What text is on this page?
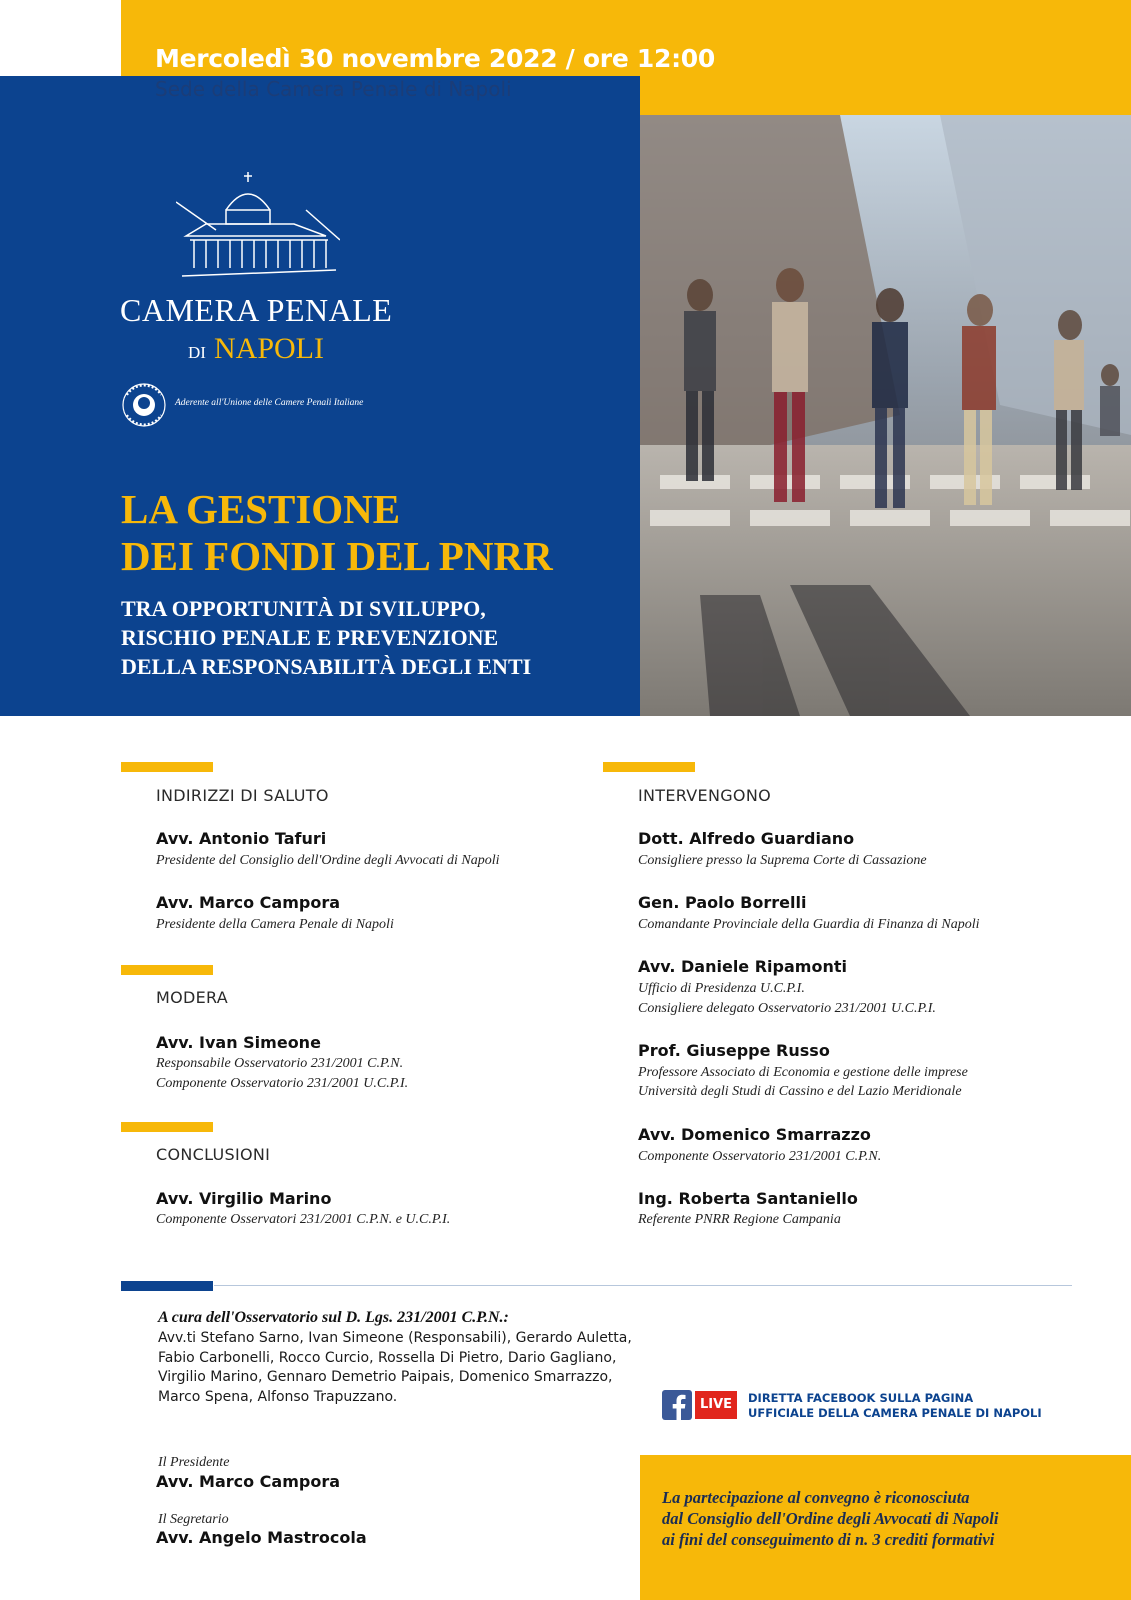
Mercoledì 30 novembre 2022 / ore 12:00
Sede della Camera Penale di Napoli
CAMERA PENALE
DI NAPOLI
Aderente all'Unione delle Camere Penali Italiane
LA GESTIONE
DEI FONDI DEL PNRR
TRA OPPORTUNITÀ DI SVILUPPO,
RISCHIO PENALE E PREVENZIONE
DELLA RESPONSABILITÀ DEGLI ENTI
INDIRIZZI DI SALUTO
Avv. Antonio Tafuri
Presidente del Consiglio dell'Ordine degli Avvocati di Napoli
Avv. Marco Campora
Presidente della Camera Penale di Napoli
MODERA
Avv. Ivan Simeone
Responsabile Osservatorio 231/2001 C.P.N.
Componente Osservatorio 231/2001 U.C.P.I.
CONCLUSIONI
Avv. Virgilio Marino
Componente Osservatori 231/2001 C.P.N. e U.C.P.I.
INTERVENGONO
Dott. Alfredo Guardiano
Consigliere presso la Suprema Corte di Cassazione
Gen. Paolo Borrelli
Comandante Provinciale della Guardia di Finanza di Napoli
Avv. Daniele Ripamonti
Ufficio di Presidenza U.C.P.I.
Consigliere delegato Osservatorio 231/2001 U.C.P.I.
Prof. Giuseppe Russo
Professore Associato di Economia e gestione delle imprese
Università degli Studi di Cassino e del Lazio Meridionale
Avv. Domenico Smarrazzo
Componente Osservatorio 231/2001 C.P.N.
Ing. Roberta Santaniello
Referente PNRR Regione Campania
A cura dell'Osservatorio sul D. Lgs. 231/2001 C.P.N.:
Avv.ti Stefano Sarno, Ivan Simeone (Responsabili), Gerardo Auletta,
Fabio Carbonelli, Rocco Curcio, Rossella Di Pietro, Dario Gagliano,
Virgilio Marino, Gennaro Demetrio Paipais, Domenico Smarrazzo,
Marco Spena, Alfonso Trapuzzano.	LIVE	DIRETTA FACEBOOK SULLA PAGINA
UFFICIALE DELLA CAMERA PENALE DI NAPOLI
Il Presidente
Avv. Marco Campora
Il Segretario
Avv. Angelo Mastrocola
La partecipazione al convegno è riconosciuta
dal Consiglio dell'Ordine degli Avvocati di Napoli
ai fini del conseguimento di n. 3 crediti formativi
